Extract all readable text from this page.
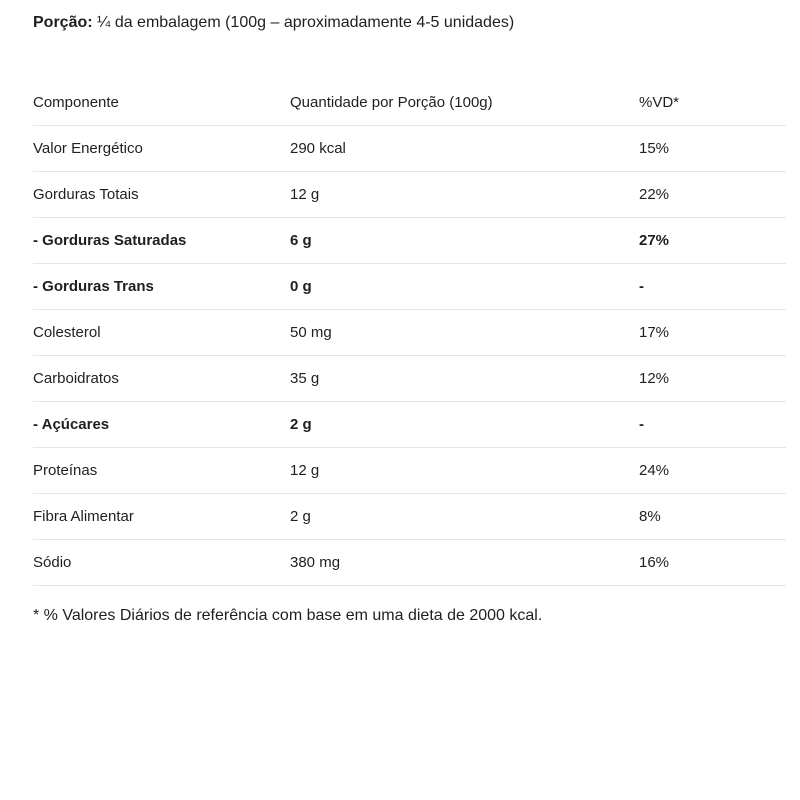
Porção: ¼ da embalagem (100g – aproximadamente 4-5 unidades)
Componente	Quantidade por Porção (100g)	%VD*
Valor Energético	290 kcal	15%
Gorduras Totais	12 g	22%
- Gorduras Saturadas	6 g	27%
- Gorduras Trans	0 g	-
Colesterol	50 mg	17%
Carboidratos	35 g	12%
- Açúcares	2 g	-
Proteínas	12 g	24%
Fibra Alimentar	2 g	8%
Sódio	380 mg	16%
* % Valores Diários de referência com base em uma dieta de 2000 kcal.
